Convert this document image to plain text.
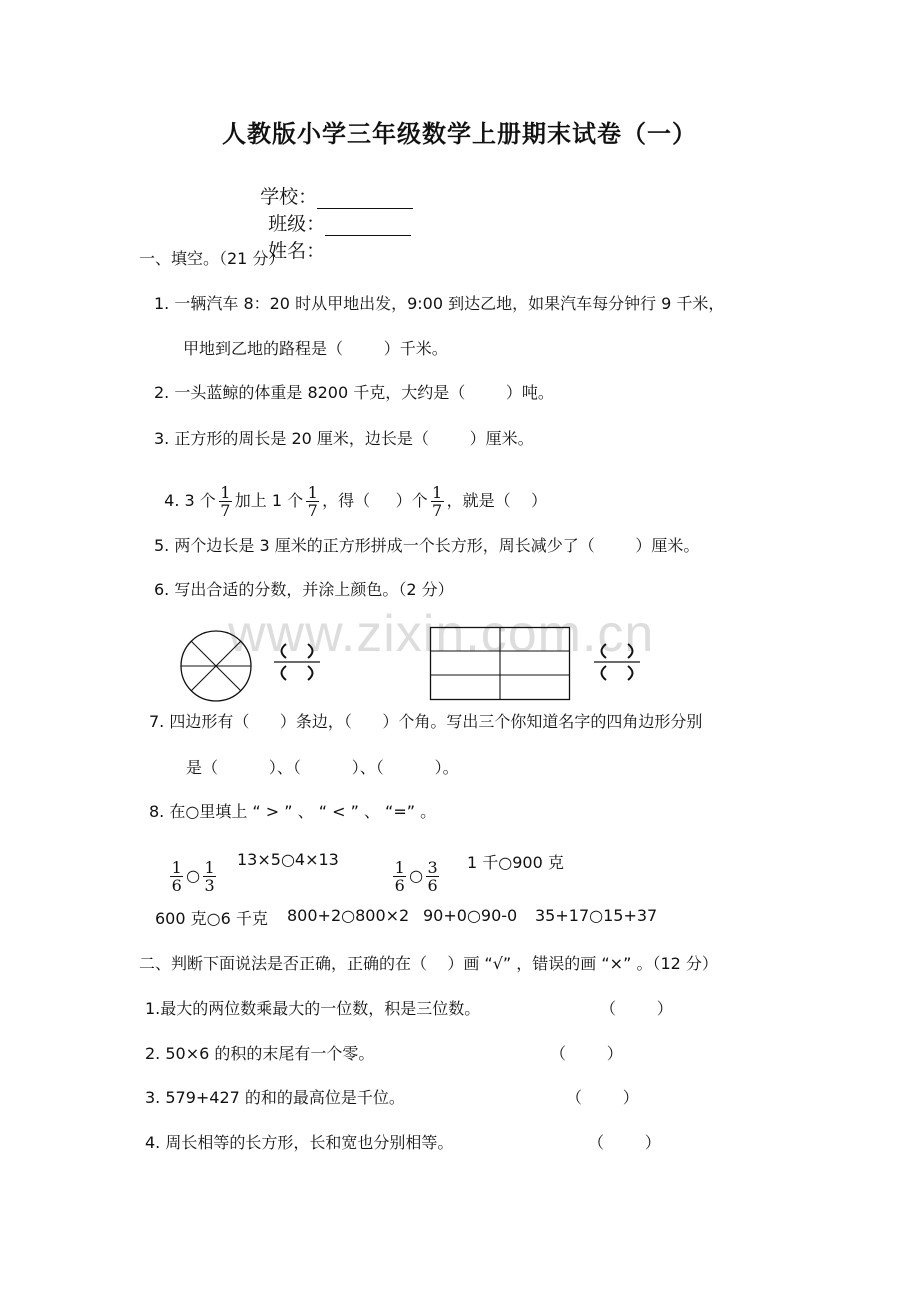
人教版小学三年级数学上册期末试卷（一）

学校：
班级：
姓名：

www.zixin.com.cn
一、填空。（21 分）
1. 一辆汽车 8：20 时从甲地出发，9:00 到达乙地，如果汽车每分钟行 9 千米，
甲地到乙地的路程是（        ）千米。
2. 一头蓝鲸的体重是 8200 千克，大约是（        ）吨。
3. 正方形的周长是 20 厘米，边长是（        ）厘米。

4. 3 个 $\frac{1}{7}$ 加上 1 个 $\frac{1}{7}$ ，得（     ）个 $\frac{1}{7}$ ，就是（    ）

5. 两个边长是 3 厘米的正方形拼成一个长方形，周长减少了（        ）厘米。
6. 写出合适的分数，并涂上颜色。（2 分）
7. 四边形有（      ）条边，（      ）个角。写出三个你知道名字的四角边形分别
是（          ）、（          ）、（          ）。
8. 在○里填上 “ > ” 、 “ < ” 、 “=” 。

$\frac{1}{6}$ ○ $\frac{1}{3}$ 13×5○4×13

	$\frac{1}{6}$ ○ $\frac{3}{6} 1$ 千○900 克
600 克○6 千克 800+2○800×2 90+0○90-0 35+17○15+37
二、判断下面说法是否正确，正确的在（    ）画 “√” ，错误的画 “×” 。（12 分）
1.最大的两位数乘最大的一位数，积是三位数。	（        ）
2. 50×6 的积的末尾有一个零。	（        ）
3. 579+427 的和的最高位是千位。	（        ）
4. 周长相等的长方形，长和宽也分别相等。	（        ）
